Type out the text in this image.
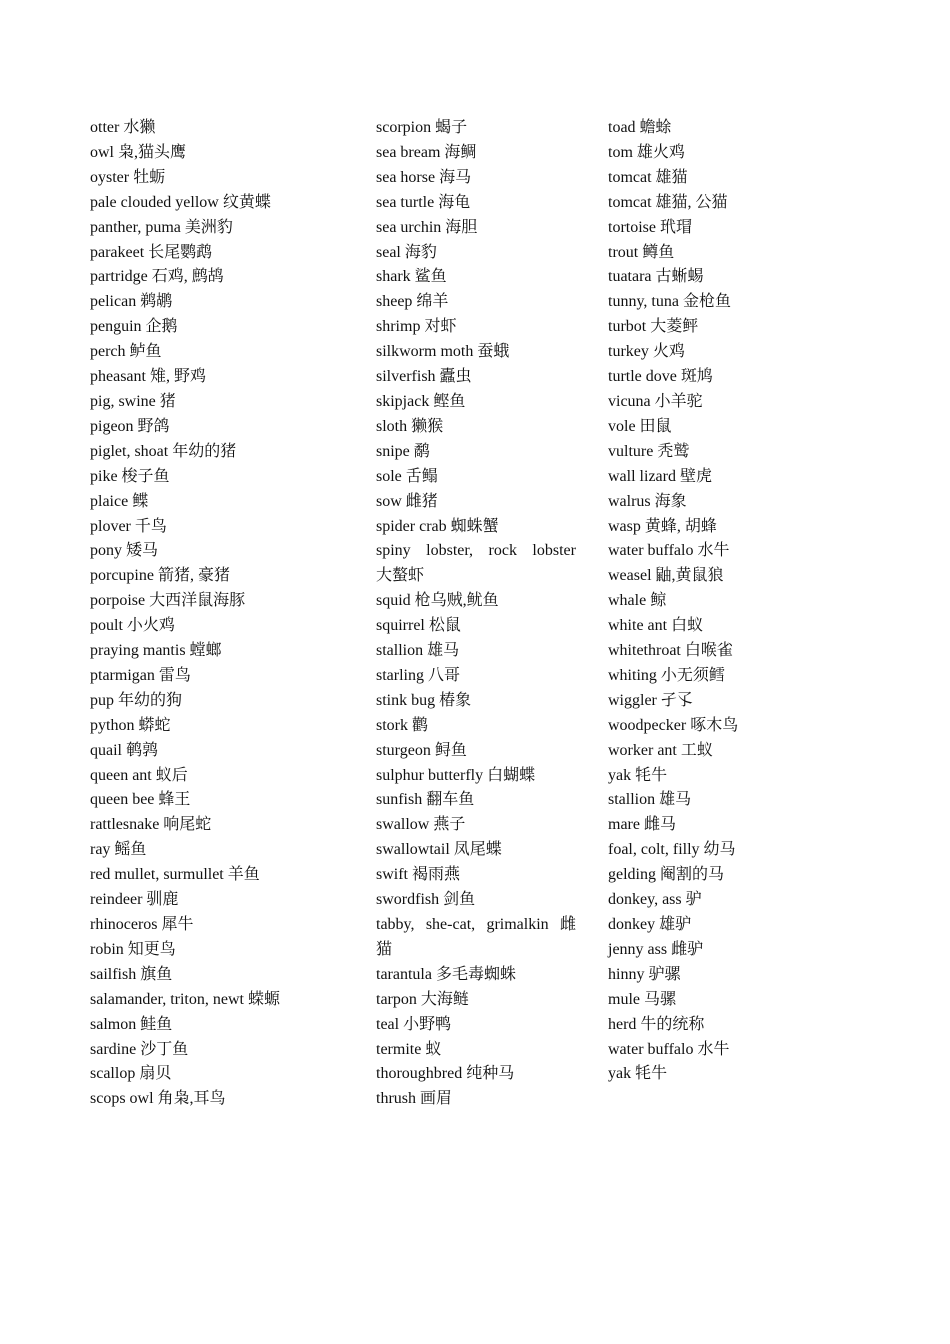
otter 水獭
owl 枭,猫头鹰
oyster 牡蛎
pale clouded yellow 纹黄蝶
panther, puma 美洲豹
parakeet 长尾鹦鹉
partridge 石鸡, 鹧鸪
pelican 鹈鹕
penguin 企鹅
perch 鲈鱼
pheasant 雉, 野鸡
pig, swine 猪
pigeon 野鸽
piglet, shoat 年幼的猪
pike 梭子鱼
plaice 鲽
plover 千鸟
pony 矮马
porcupine 箭猪, 豪猪
porpoise 大西洋鼠海豚
poult 小火鸡
praying mantis 螳螂
ptarmigan 雷鸟
pup 年幼的狗
python 蟒蛇
quail 鹌鹑
queen ant 蚁后
queen bee 蜂王
rattlesnake 响尾蛇
ray 鳐鱼
red mullet, surmullet 羊鱼
reindeer 驯鹿
rhinoceros 犀牛
robin 知更鸟
sailfish 旗鱼
salamander, triton, newt 蝾螈
salmon 鲑鱼
sardine 沙丁鱼
scallop 扇贝
scops owl 角枭,耳鸟
scorpion 蝎子
sea bream 海鲷
sea horse 海马
sea turtle 海龟
sea urchin 海胆
seal 海豹
shark 鲨鱼
sheep 绵羊
shrimp 对虾
silkworm moth 蚕蛾
silverfish 蠹虫
skipjack 鲣鱼
sloth 獭猴
snipe 鹬
sole 舌鳎
sow 雌猪
spider crab 蜘蛛蟹
spiny lobster, rock lobster
大螯虾
squid 枪乌贼,鱿鱼
squirrel 松鼠
stallion 雄马
starling 八哥
stink bug 椿象
stork 鹳
sturgeon 鲟鱼
sulphur butterfly 白蝴蝶
sunfish 翻车鱼
swallow 燕子
swallowtail 凤尾蝶
swift 褐雨燕
swordfish 剑鱼
tabby, she-cat, grimalkin 雌
猫
tarantula 多毛毒蜘蛛
tarpon 大海鲢
teal 小野鸭
termite 蚁
thoroughbred 纯种马
thrush 画眉
toad 蟾蜍
tom 雄火鸡
tomcat 雄猫
tomcat 雄猫, 公猫
tortoise 玳瑁
trout 鳟鱼
tuatara 古蜥蜴
tunny, tuna 金枪鱼
turbot 大菱鲆
turkey 火鸡
turtle dove 斑鸠
vicuna 小羊驼
vole 田鼠
vulture 秃鹫
wall lizard 壁虎
walrus 海象
wasp 黄蜂, 胡蜂
water buffalo 水牛
weasel 鼬,黄鼠狼
whale 鲸
white ant 白蚁
whitethroat 白喉雀
whiting 小无须鳕
wiggler 孑孓
woodpecker 啄木鸟
worker ant 工蚁
yak 牦牛
stallion 雄马
mare 雌马
foal, colt, filly 幼马
gelding 阉割的马
donkey, ass 驴
donkey 雄驴
jenny ass 雌驴
hinny 驴骡
mule 马骡
herd 牛的统称
water buffalo 水牛
yak 牦牛
